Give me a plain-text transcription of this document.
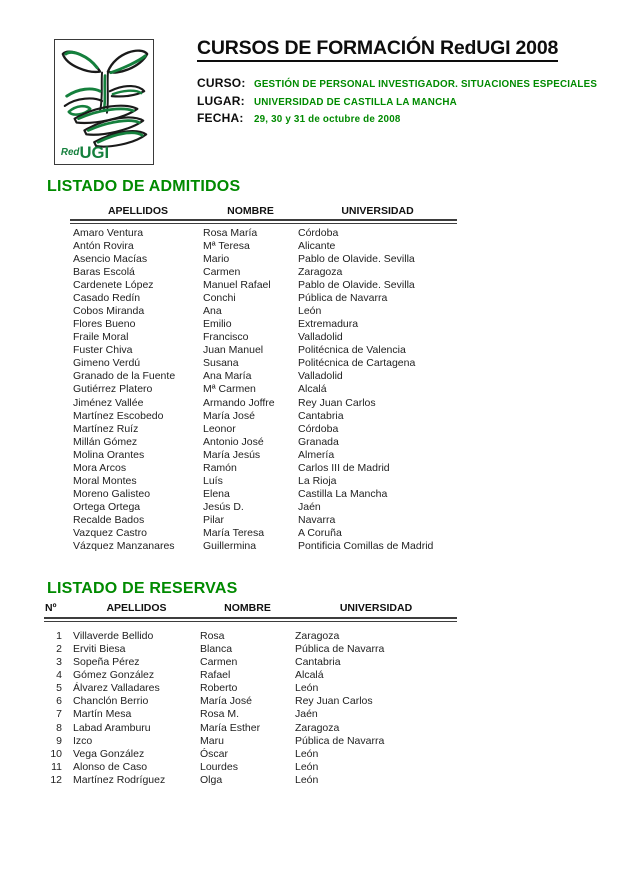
Red UGI
CURSOS DE FORMACIÓN RedUGI 2008
CURSO: GESTIÓN DE PERSONAL INVESTIGADOR. SITUACIONES ESPECIALES
LUGAR: UNIVERSIDAD DE CASTILLA LA MANCHA
FECHA:	29, 30 y 31 de octubre de 2008
LISTADO DE ADMITIDOS
APELLIDOS	NOMBRE	UNIVERSIDAD
Amaro Ventura	Rosa María	Córdoba
Antón Rovira	Mª Teresa	Alicante
Asencio Macías	Mario	Pablo de Olavide. Sevilla
Baras Escolá	Carmen	Zaragoza
Cardenete López	Manuel Rafael	Pablo de Olavide. Sevilla
Casado Redín	Conchi	Pública de Navarra
Cobos Miranda	Ana	León
Flores Bueno	Emilio	Extremadura
Fraile Moral	Francisco	Valladolid
Fuster Chiva	Juan Manuel	Politécnica de Valencia
Gimeno Verdú	Susana	Politécnica de Cartagena
Granado de la Fuente	Ana María	Valladolid
Gutiérrez Platero	Mª Carmen	Alcalá
Jiménez Vallée	Armando Joffre	Rey Juan Carlos
Martínez Escobedo	María José	Cantabria
Martínez Ruíz	Leonor	Córdoba
Millán Gómez	Antonio José	Granada
Molina Orantes	María Jesús	Almería
Mora Arcos	Ramón	Carlos III de Madrid
Moral Montes	Luís	La Rioja
Moreno Galisteo	Elena	Castilla La Mancha
Ortega Ortega	Jesús D.	Jaén
Recalde Bados	Pilar	Navarra
Vazquez Castro	María Teresa	A Coruña
Vázquez Manzanares	Guillermina	Pontificia Comillas de Madrid
LISTADO DE RESERVAS
Nº	APELLIDOS	NOMBRE	UNIVERSIDAD
1	Villaverde Bellido	Rosa	Zaragoza
2	Erviti Biesa	Blanca	Pública de Navarra
3	Sopeña Pérez	Carmen	Cantabria
4	Gómez González	Rafael	Alcalá
5	Álvarez Valladares	Roberto	León
6	Chanclón Berrio	María José	Rey Juan Carlos
7	Martín Mesa	Rosa M.	Jaén
8	Labad Aramburu	María Esther	Zaragoza
9	Izco	Maru	Pública de Navarra
10	Vega González	Óscar	León
11	Alonso de Caso	Lourdes	León
12	Martínez Rodríguez	Olga	León
